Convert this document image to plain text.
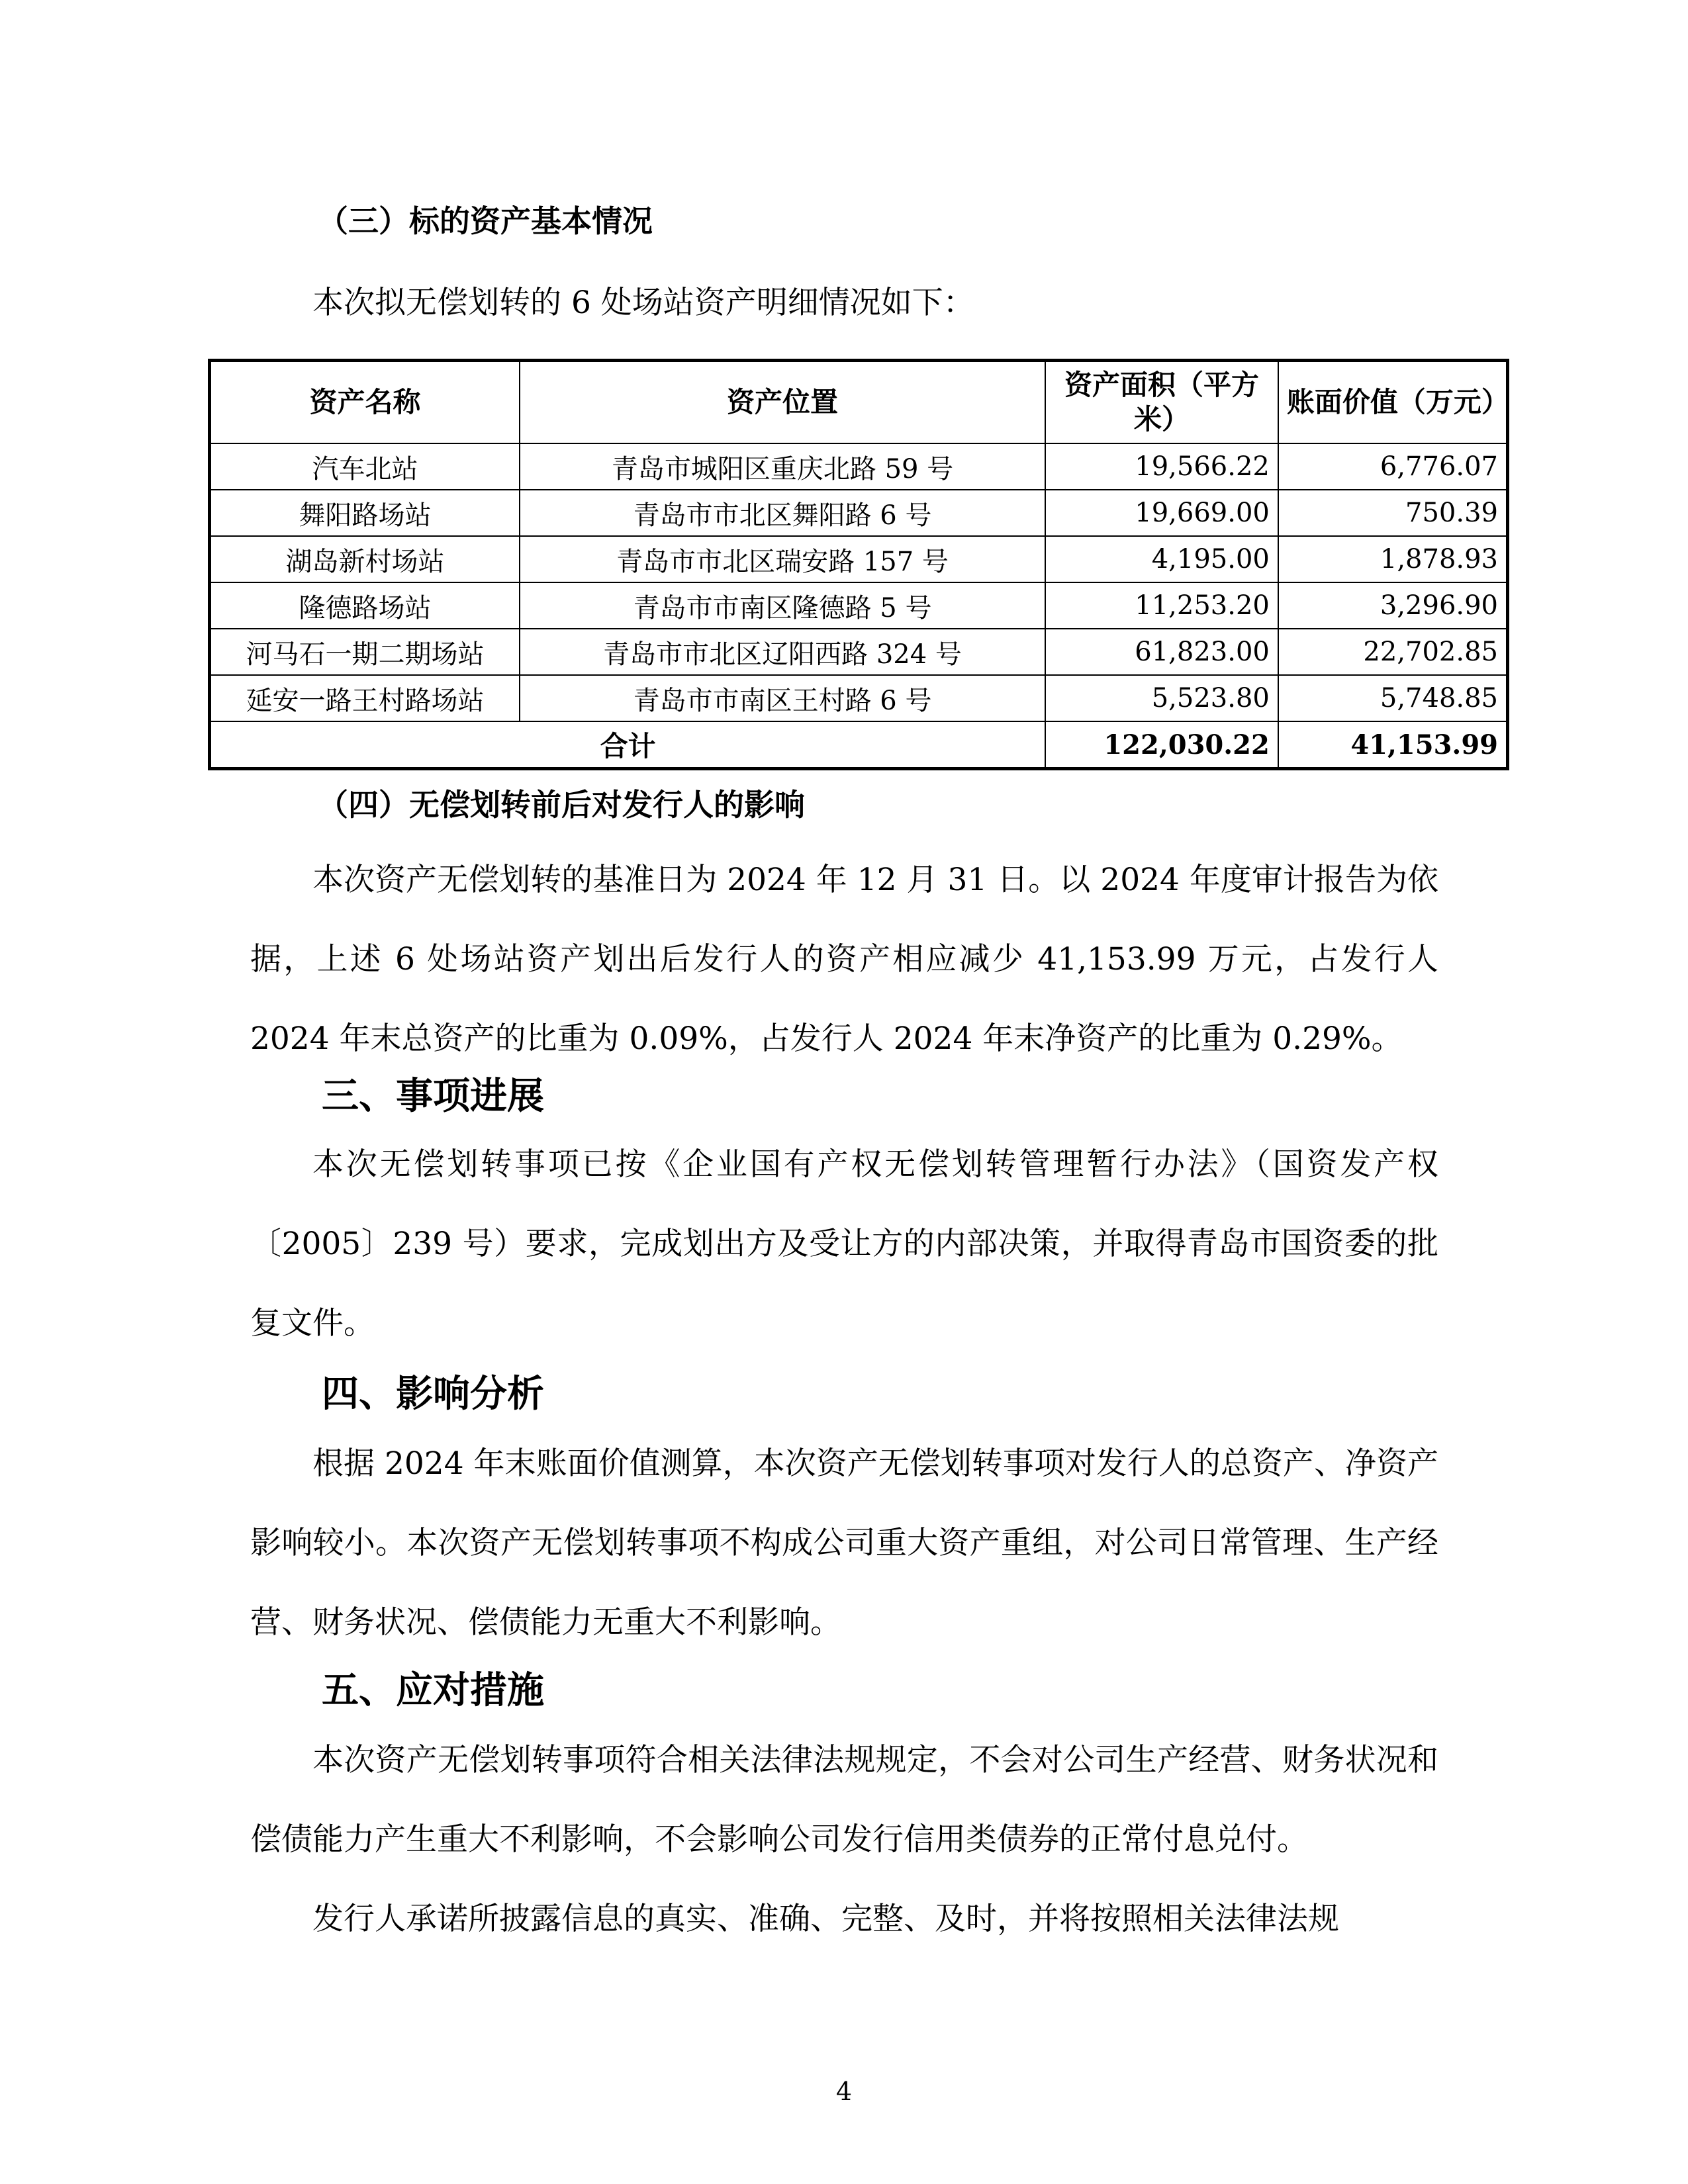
（三）标的资产基本情况
本次拟无偿划转的 6 处场站资产明细情况如下：
资产名称	资产位置	资产面积（平方米）	账面价值（万元）
汽车北站	青岛市城阳区重庆北路 59 号	19,566.22	6,776.07
舞阳路场站	青岛市市北区舞阳路 6 号	19,669.00	750.39
湖岛新村场站	青岛市市北区瑞安路 157 号	4,195.00	1,878.93
隆德路场站	青岛市市南区隆德路 5 号	11,253.20	3,296.90
河马石一期二期场站	青岛市市北区辽阳西路 324 号	61,823.00	22,702.85
延安一路王村路场站	青岛市市南区王村路 6 号	5,523.80	5,748.85
合计		122,030.22	41,153.99
（四）无偿划转前后对发行人的影响
本次资产无偿划转的基准日为 2024 年 12 月 31 日。以 2024 年度审计报告为依据，上述 6 处场站资产划出后发行人的资产相应减少 41,153.99 万元，占发行人 2024 年末总资产的比重为 0.09%，占发行人 2024 年末净资产的比重为 0.29%。
三、事项进展
本次无偿划转事项已按《企业国有产权无偿划转管理暂行办法》（国资发产权〔2005〕239 号）要求，完成划出方及受让方的内部决策，并取得青岛市国资委的批复文件。
四、影响分析
根据 2024 年末账面价值测算，本次资产无偿划转事项对发行人的总资产、净资产影响较小。本次资产无偿划转事项不构成公司重大资产重组，对公司日常管理、生产经营、财务状况、偿债能力无重大不利影响。
五、应对措施
本次资产无偿划转事项符合相关法律法规规定，不会对公司生产经营、财务状况和偿债能力产生重大不利影响，不会影响公司发行信用类债券的正常付息兑付。
发行人承诺所披露信息的真实、准确、完整、及时，并将按照相关法律法规
4
